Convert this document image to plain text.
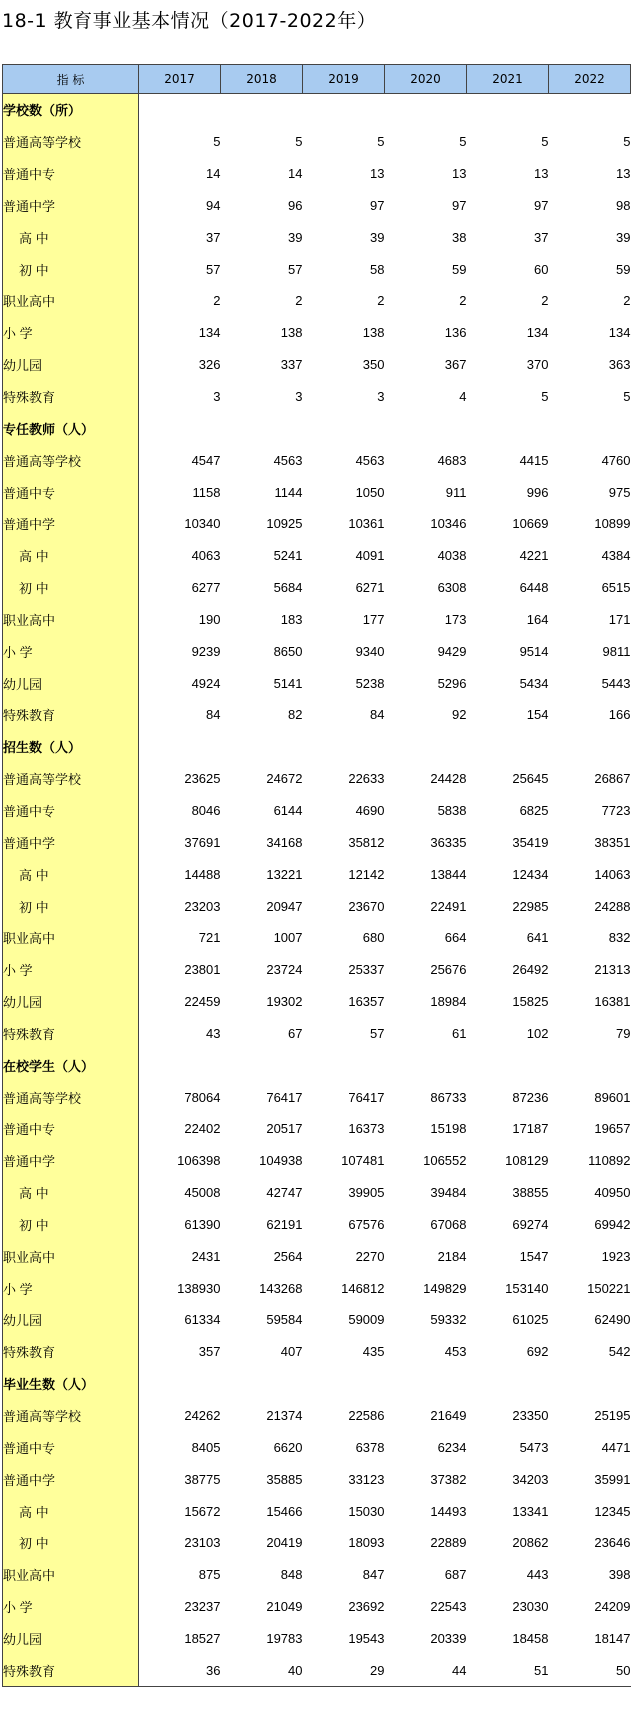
18-1 教育事业基本情况（2017-2022年）
指 标	2017	2018	2019	2020	2021	2022
学校数（所）						
普通高等学校	5	5	5	5	5	5
普通中专	14	14	13	13	13	13
普通中学	94	96	97	97	97	98
高 中	37	39	39	38	37	39
初 中	57	57	58	59	60	59
职业高中	2	2	2	2	2	2
小 学	134	138	138	136	134	134
幼儿园	326	337	350	367	370	363
特殊教育	3	3	3	4	5	5
专任教师（人）						
普通高等学校	4547	4563	4563	4683	4415	4760
普通中专	1158	1144	1050	911	996	975
普通中学	10340	10925	10361	10346	10669	10899
高 中	4063	5241	4091	4038	4221	4384
初 中	6277	5684	6271	6308	6448	6515
职业高中	190	183	177	173	164	171
小 学	9239	8650	9340	9429	9514	9811
幼儿园	4924	5141	5238	5296	5434	5443
特殊教育	84	82	84	92	154	166
招生数（人）						
普通高等学校	23625	24672	22633	24428	25645	26867
普通中专	8046	6144	4690	5838	6825	7723
普通中学	37691	34168	35812	36335	35419	38351
高 中	14488	13221	12142	13844	12434	14063
初 中	23203	20947	23670	22491	22985	24288
职业高中	721	1007	680	664	641	832
小 学	23801	23724	25337	25676	26492	21313
幼儿园	22459	19302	16357	18984	15825	16381
特殊教育	43	67	57	61	102	79
在校学生（人）						
普通高等学校	78064	76417	76417	86733	87236	89601
普通中专	22402	20517	16373	15198	17187	19657
普通中学	106398	104938	107481	106552	108129	110892
高 中	45008	42747	39905	39484	38855	40950
初 中	61390	62191	67576	67068	69274	69942
职业高中	2431	2564	2270	2184	1547	1923
小 学	138930	143268	146812	149829	153140	150221
幼儿园	61334	59584	59009	59332	61025	62490
特殊教育	357	407	435	453	692	542
毕业生数（人）						
普通高等学校	24262	21374	22586	21649	23350	25195
普通中专	8405	6620	6378	6234	5473	4471
普通中学	38775	35885	33123	37382	34203	35991
高 中	15672	15466	15030	14493	13341	12345
初 中	23103	20419	18093	22889	20862	23646
职业高中	875	848	847	687	443	398
小 学	23237	21049	23692	22543	23030	24209
幼儿园	18527	19783	19543	20339	18458	18147
特殊教育	36	40	29	44	51	50
